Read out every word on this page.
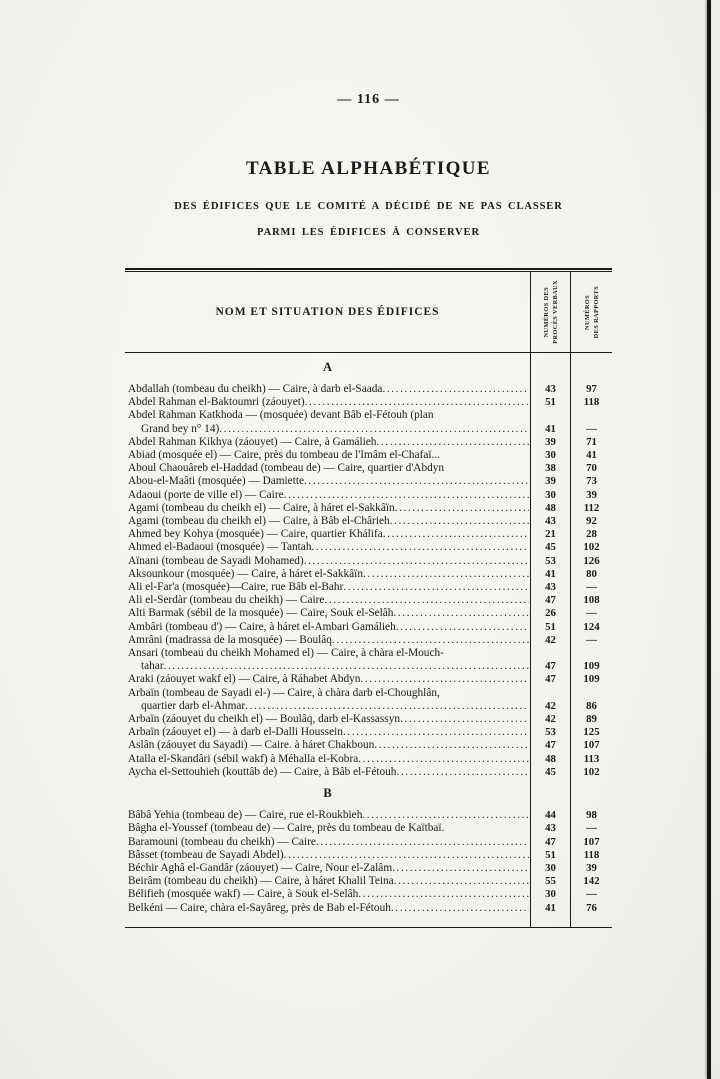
— 116 —
TABLE ALPHABÉTIQUE
DES ÉDIFICES QUE LE COMITÉ A DÉCIDÉ DE NE PAS CLASSER
PARMI LES ÉDIFICES À CONSERVER
NOM ET SITUATION DES ÉDIFICES	NUMÉROS DES PROCÈS VERBAUX	NUMÉROS DES RAPPORTS
A
Abdallah (tombeau du cheikh) — Caire, à darb el-Saada .....	43	97
Abdel Rahman el-Baktoumri (záouyet) .....	51	118
Abdel Rahman Katkhoda — (mosquée) devant Bâb el-Fétouh (plan
Grand bey n° 14) .....	41	—
Abdel Rahman Kikhya (záouyet) — Caire, à Gamálieh .....	39	71
Abiad (mosquée el) — Caire, près du tombeau de l'Imâm el-Chafaï...	30	41
Aboul Chaouâreb el-Haddad (tombeau de) — Caire, quartier d'Abdyn	38	70
Abou-el-Maâti (mosquée) — Damiette .....	39	73
Adaoui (porte de ville el) — Caire .....	30	39
Agami (tombeau du cheikh el) — Caire, à háret el-Sakkâïn .....	48	112
Agami (tombeau du cheikh el) — Caire, à Bâb el-Chârieh .....	43	92
Ahmed bey Kohya (mosquée) — Caire, quartier Khálifa .....	21	28
Ahmed el-Badaoui (mosquée) — Tantah .....	45	102
Aïnani (tombeau de Sayadi Mohamed) .....	53	126
Aksounkour (mosquée) — Caire, à háret el-Sakkâïn .....	41	80
Ali el-Far'a (mosquée)—Caire, rue Bâb el-Bahr .....	43	—
Ali el-Serdàr (tombeau du cheikh) — Caire .....	47	108
Alti Barmak (sébil de la mosquée) — Caire, Souk el-Selâh .....	26	—
Ambâri (tombeau d') — Caire, à háret el-Ambari Gamálieh .....	51	124
Amrâni (madrassa de la mosquée) — Boulâq .....	42	—
Ansari (tombeau du cheikh Mohamed el) — Caire, à chàra el-Mouch-
tahar .....	47	109
Araki (záouyet wakf el) — Caire, à Ráhabet Abdyn .....	47	109
Arbaïn (tombeau de Sayadi el-) — Caire, à chàra darb el-Choughlân,
quartier darb el-Ahmar .....	42	86
Arbaïn (záouyet du cheikh el) — Boulâq, darb el-Kassassyn .....	42	89
Arbaïn (záouyet el) — à darb el-Dalli Houssein .....	53	125
Aslân (záouyet du Sayadi) — Caire. à háret Chakboun .....	47	107
Atalla el-Skandâri (sébil wakf) à Méhalla el-Kobra .....	48	113
Aycha el-Settouhieh (kouttâb de) — Caire, à Bâb el-Fétouh .....	45	102
B
Bâbâ Yehia (tombeau de) — Caire, rue el-Roukbieh .....	44	98
Bâgha el-Youssef (tombeau de) — Caire, près du tombeau de Kaïtbaï.	43	—
Baramouni (tombeau du cheikh) — Caire .....	47	107
Bâsset (tombeau de Sayadi Abdel) .....	51	118
Béchir Aghâ el-Gandâr (záouyet) — Caire, Nour el-Zalâm .....	30	39
Beirâm (tombeau du cheikh) — Caire, à háret Khalil Teina .....	55	142
Bélifieh (mosquée wakf) — Caire, à Souk el-Selâh .....	30	—
Belkéni — Caire, chàra el-Sayâreg, près de Bab el-Fétouh .....	41	76
